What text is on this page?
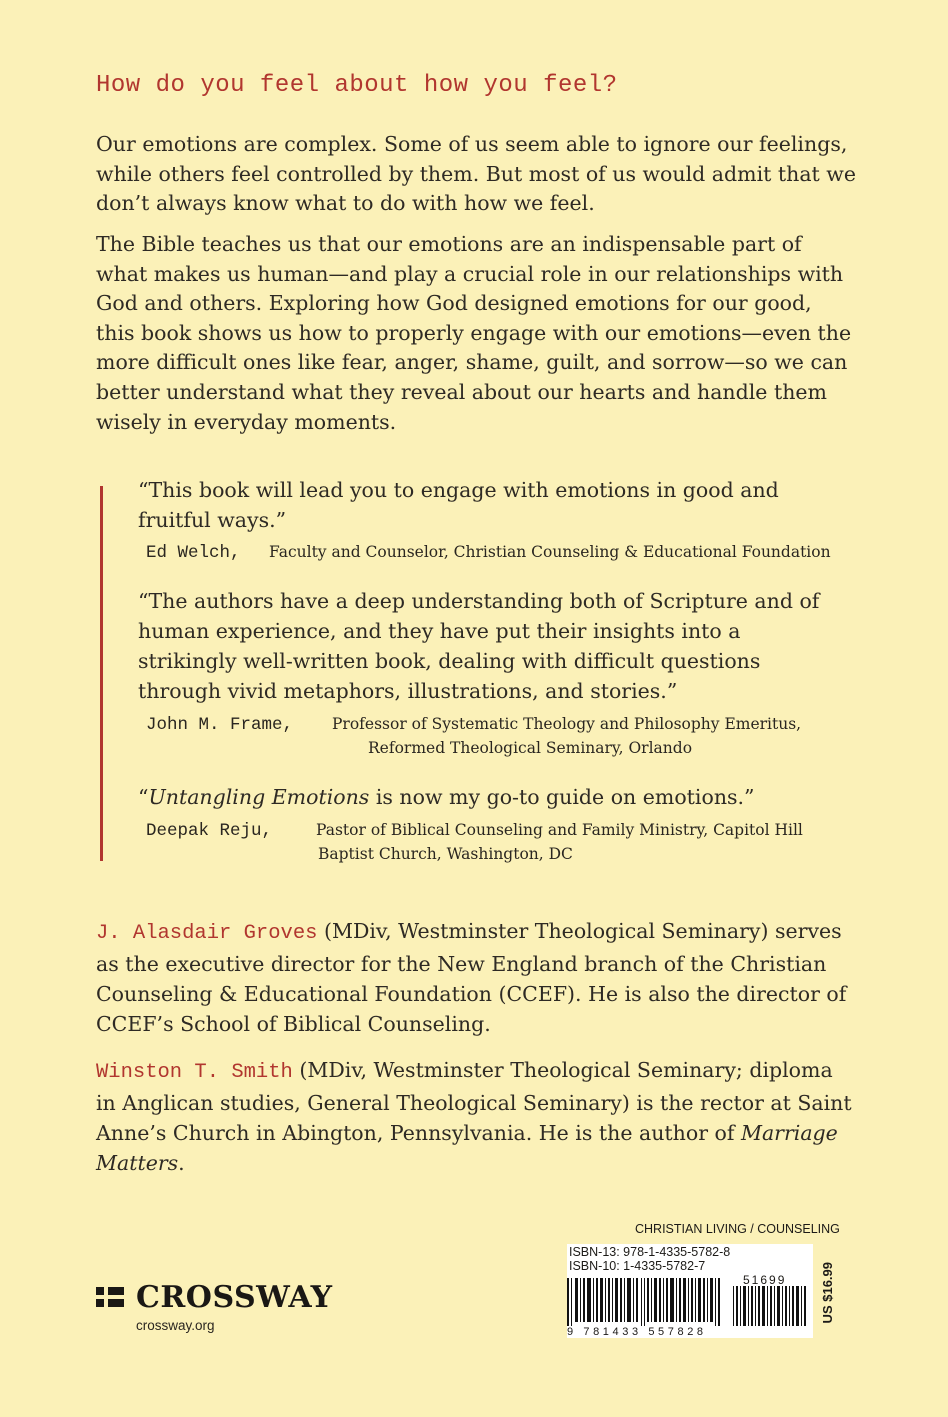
How do you feel about how you feel?
Our emotions are complex. Some of us seem able to ignore our feelings, while others feel controlled by them. But most of us would admit that we don’t always know what to do with how we feel.
The Bible teaches us that our emotions are an indispensable part of what makes us human—and play a crucial role in our relationships with God and others. Exploring how God designed emotions for our good, this book shows us how to properly engage with our emotions—even the more difficult ones like fear, anger, shame, guilt, and sorrow—so we can better understand what they reveal about our hearts and handle them wisely in everyday moments.
“This book will lead you to engage with emotions in good and fruitful ways.”
Ed Welch, Faculty and Counselor, Christian Counseling & Educational Foundation
“The authors have a deep understanding both of Scripture and of human experience, and they have put their insights into a strikingly well-written book, dealing with difficult questions through vivid metaphors, illustrations, and stories.”
John M. Frame,	Professor of Systematic Theology and Philosophy Emeritus,
Reformed Theological Seminary, Orlando
“Untangling Emotions is now my go-to guide on emotions.”
Deepak Reju,	Pastor of Biblical Counseling and Family Ministry, Capitol Hill
Baptist Church, Washington, DC
J. Alasdair Groves (MDiv, Westminster Theological Seminary) serves as the executive director for the New England branch of the Christian Counseling & Educational Foundation (CCEF). He is also the director of CCEF’s School of Biblical Counseling.
Winston T. Smith (MDiv, Westminster Theological Seminary; diploma in Anglican studies, General Theological Seminary) is the rector at Saint Anne’s Church in Abington, Pennsylvania. He is the author of Marriage Matters.
CHRISTIAN LIVING / COUNSELING
ISBN-13: 978-1-4335-5782-8
ISBN-10: 1-4335-5782-7
51699
9 781433 557828
US $16.99
CROSSWAY
crossway.org
